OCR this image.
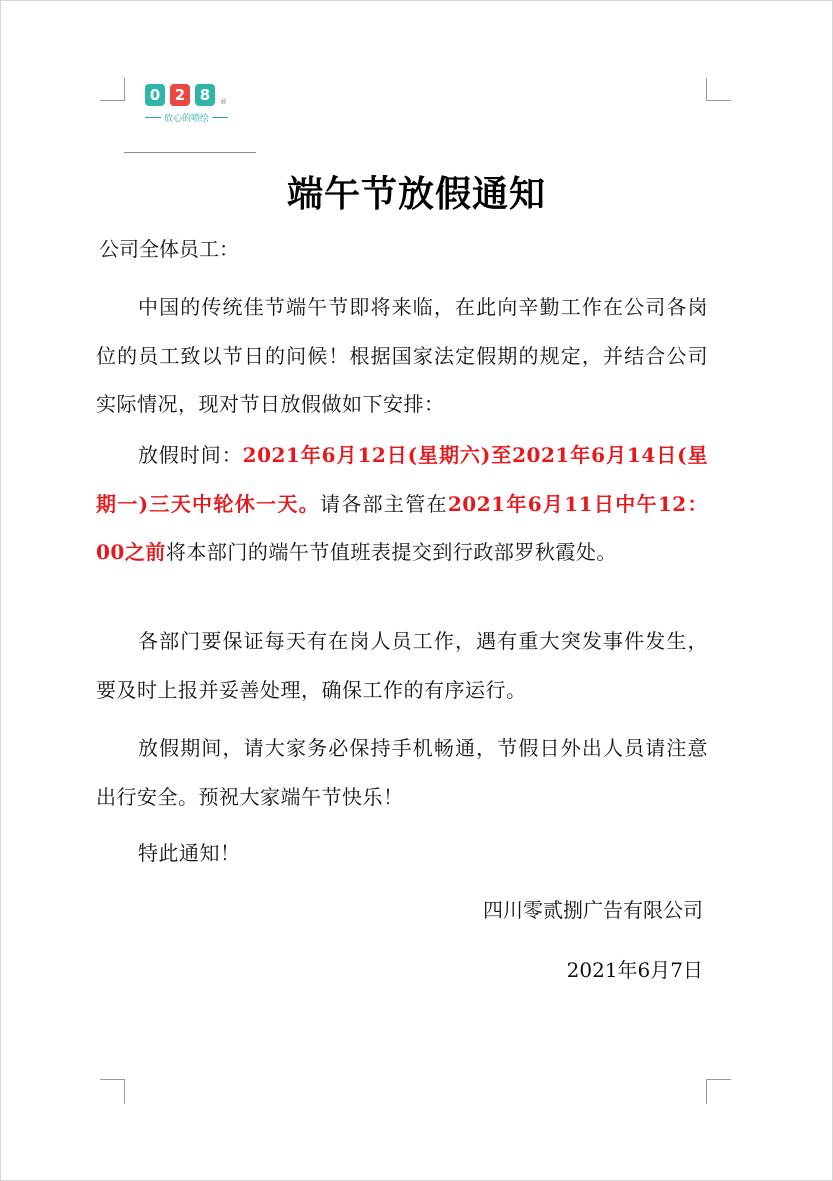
0 2 8	®
放心的喷绘
端午节放假通知
公司全体员工：
中国的传统佳节端午节即将来临，在此向辛勤工作在公司各岗位的员工致以节日的问候！根据国家法定假期的规定，并结合公司实际情况，现对节日放假做如下安排：
放假时间：2021年6月12日(星期六)至2021年6月14日(星期一)三天中轮休一天。请各部主管在2021年6月11日中午12：00之前将本部门的端午节值班表提交到行政部罗秋霞处。
各部门要保证每天有在岗人员工作，遇有重大突发事件发生，要及时上报并妥善处理，确保工作的有序运行。
放假期间，请大家务必保持手机畅通，节假日外出人员请注意出行安全。预祝大家端午节快乐！
特此通知！
四川零贰捌广告有限公司
2021年6月7日
